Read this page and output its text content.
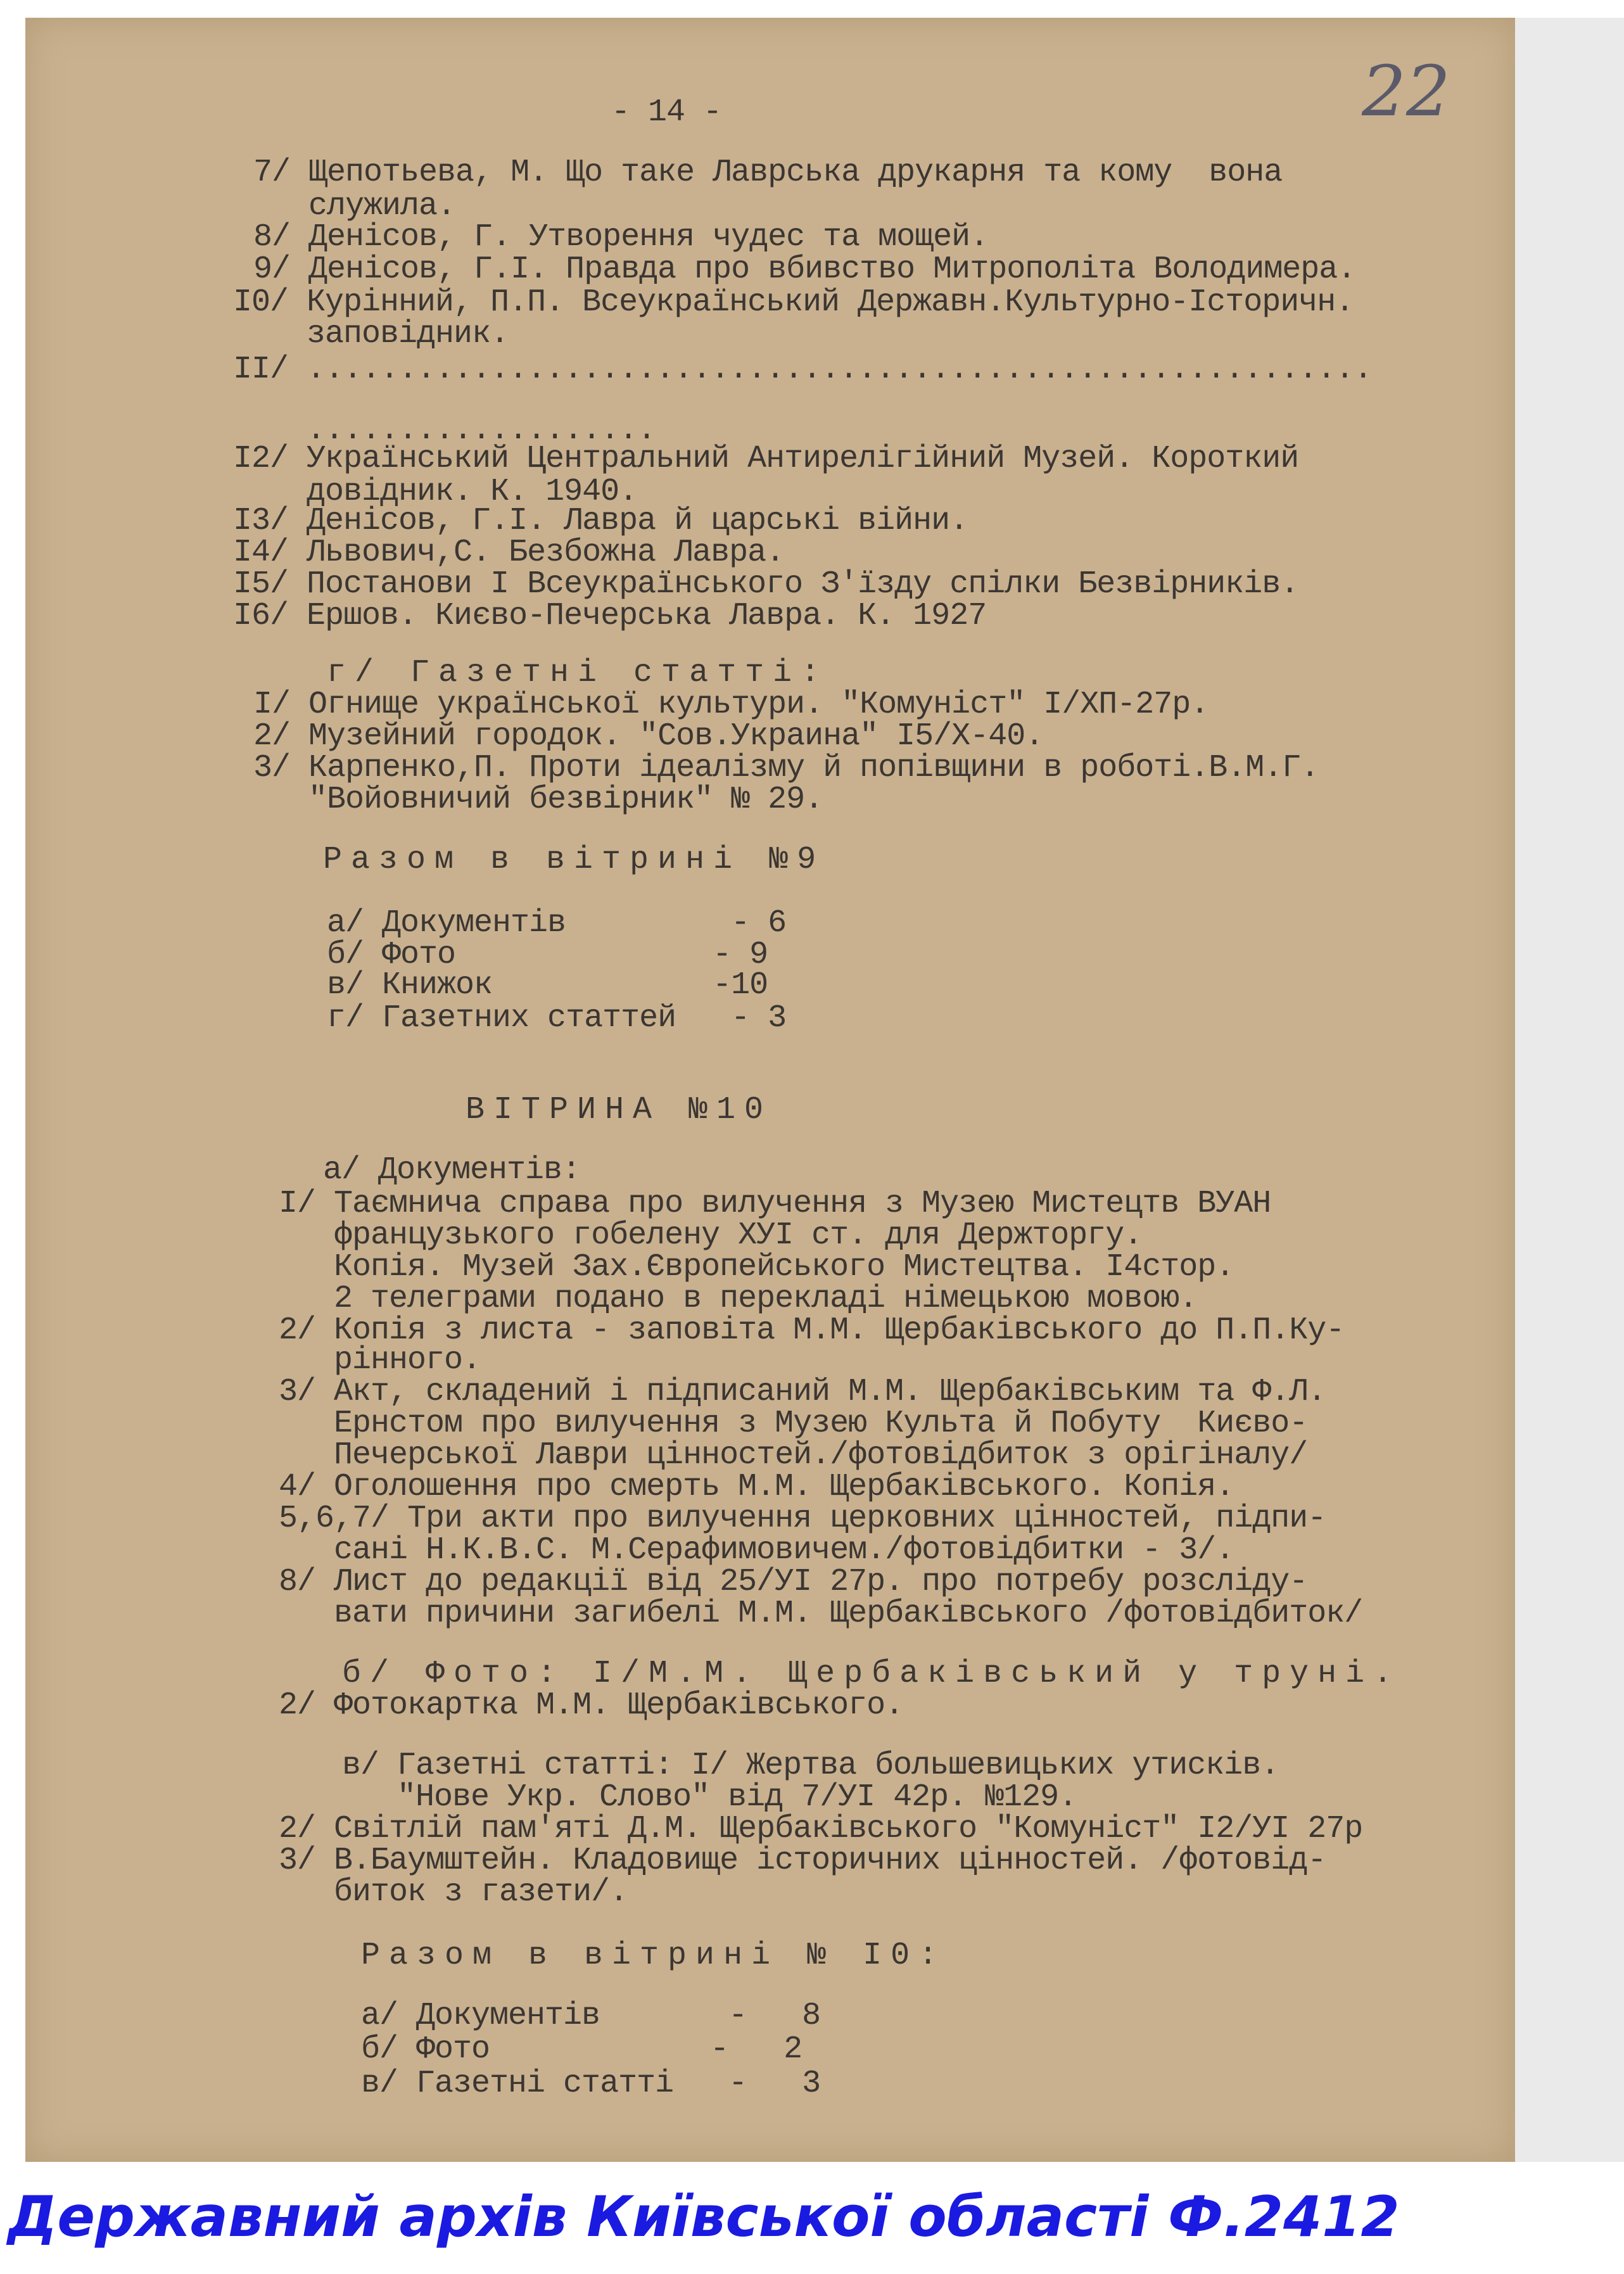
- 14 -	22
7/ Щепотьева, М. Що таке Лаврська друкарня та кому  вона
служила.
8/ Денісов, Г. Утворення чудес та мощей.
9/ Денісов, Г.І. Правда про вбивство Митрополіта Володимера.
I0/ Курінний, П.П. Всеукраїнський Державн.Культурно-Історичн.
заповідник.
II/ ..........................................................
...................
I2/ Український Центральний Антирелігійний Музей. Короткий
довідник. К. 1940.
I3/ Денісов, Г.І. Лавра й царські війни.
I4/ Львович,С. Безбожна Лавра.
I5/ Постанови I Всеукраїнського З'їзду спілки Безвірників.
I6/ Ершов. Києво-Печерська Лавра. К. 1927
г/ Газетні статті:
I/ Огнище української культури. "Комуніст" I/ХП-27р.
2/ Музейний городок. "Сов.Украина" I5/Х-40.
3/ Карпенко,П. Проти ідеалізму й попівщини в роботі.В.М.Г.
"Войовничий безвірник" № 29.
Разом в вітрині №9
а/ Документів         - 6
б/ Фото              - 9
в/ Книжок            -10
г/ Газетних статтей   - 3
ВІТРИНА №10
а/ Документів:
I/ Таємнича справа про вилучення з Музею Мистецтв ВУАН
французького гобелену ХУІ ст. для Держторгу.
Копія. Музей Зах.Європейського Мистецтва. I4стор.
2 телеграми подано в перекладі німецькою мовою.
2/ Копія з листа - заповіта М.М. Щербаківського до П.П.Ку-
рінного.
3/ Акт, складений і підписаний М.М. Щербаківським та Ф.Л.
Ернстом про вилучення з Музею Культа й Побуту  Києво-
Печерської Лаври цінностей./фотовідбиток з орігіналу/
4/ Оголошення про смерть М.М. Щербаківського. Копія.
5,6,7/ Три акти про вилучення церковних цінностей, підпи-
сані Н.К.В.С. М.Серафимовичем./фотовідбитки - 3/.
8/ Лист до редакції від 25/УІ 27р. про потребу розсліду-
вати причини загибелі М.М. Щербаківського /фотовідбиток/
б/ Фото: I/М.М. Щербаківський у труні.
2/ Фотокартка М.М. Щербаківського.
в/ Газетні статті: I/ Жертва большевицьких утисків.
"Нове Укр. Слово" від 7/УІ 42р. №129.
2/ Світлій пам'яті Д.М. Щербаківського "Комуніст" I2/УІ 27р
3/ В.Баумштейн. Кладовище історичних цінностей. /фотовід-
биток з газети/.
Разом в вітрині № I0:
а/ Документів       -   8
б/ Фото            -   2
в/ Газетні статті   -   3
Державний архів Київської області Ф.2412
